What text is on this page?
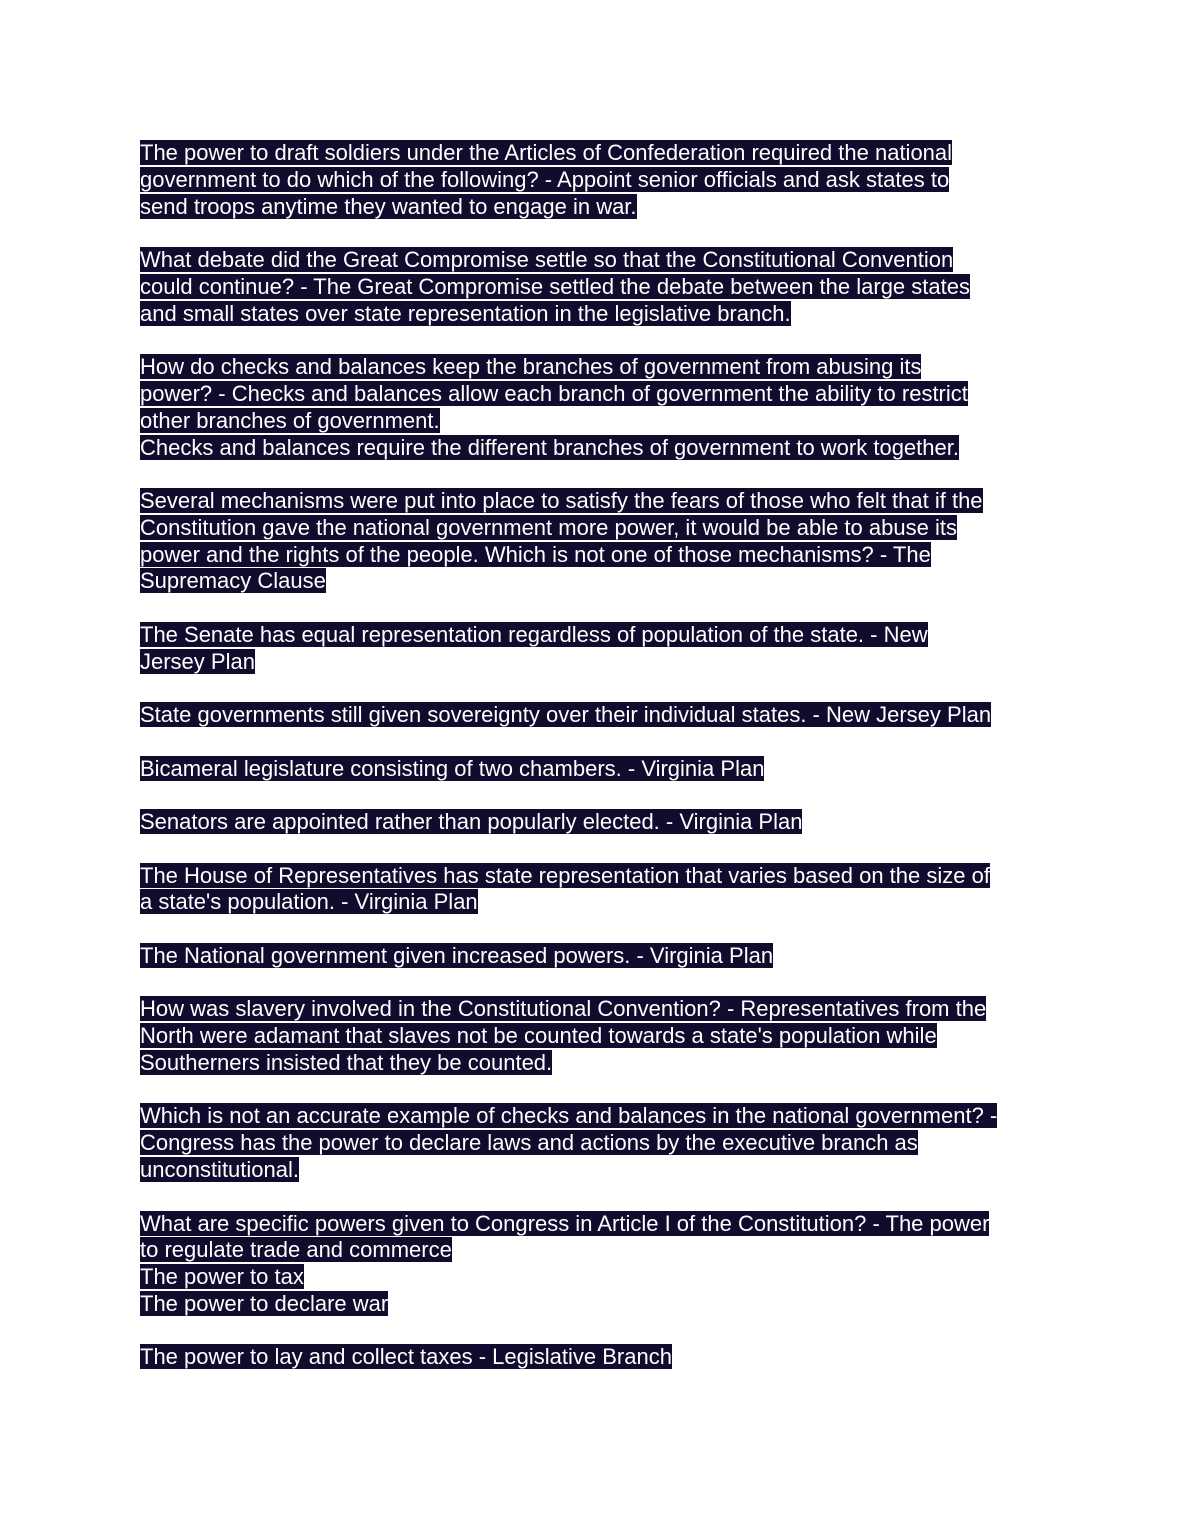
The power to draft soldiers under the Articles of Confederation required the national
government to do which of the following? - Appoint senior officials and ask states to
send troops anytime they wanted to engage in war.
What debate did the Great Compromise settle so that the Constitutional Convention
could continue? - The Great Compromise settled the debate between the large states
and small states over state representation in the legislative branch.
How do checks and balances keep the branches of government from abusing its
power? - Checks and balances allow each branch of government the ability to restrict
other branches of government.
Checks and balances require the different branches of government to work together.
Several mechanisms were put into place to satisfy the fears of those who felt that if the
Constitution gave the national government more power, it would be able to abuse its
power and the rights of the people. Which is not one of those mechanisms? - The
Supremacy Clause
The Senate has equal representation regardless of population of the state. - New
Jersey Plan
State governments still given sovereignty over their individual states. - New Jersey Plan
Bicameral legislature consisting of two chambers. - Virginia Plan
Senators are appointed rather than popularly elected. - Virginia Plan
The House of Representatives has state representation that varies based on the size of
a state's population. - Virginia Plan
The National government given increased powers. - Virginia Plan
How was slavery involved in the Constitutional Convention? - Representatives from the
North were adamant that slaves not be counted towards a state's population while
Southerners insisted that they be counted.
Which is not an accurate example of checks and balances in the national government? -
Congress has the power to declare laws and actions by the executive branch as
unconstitutional.
What are specific powers given to Congress in Article I of the Constitution? - The power
to regulate trade and commerce
The power to tax
The power to declare war
The power to lay and collect taxes - Legislative Branch
